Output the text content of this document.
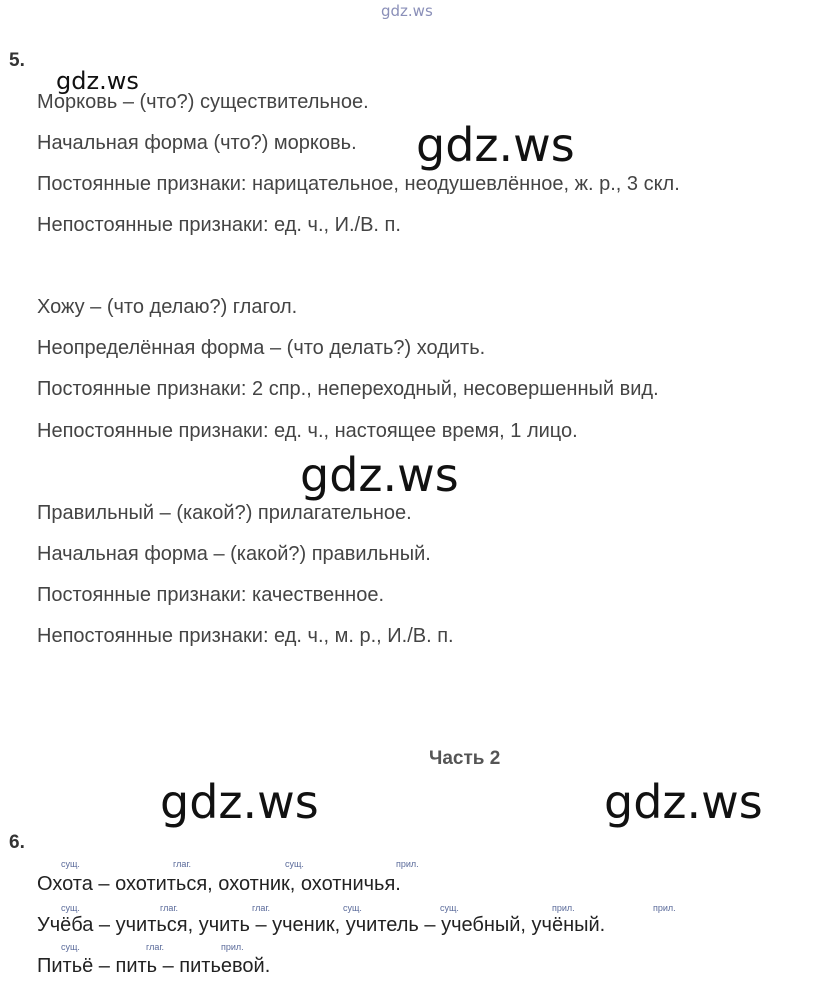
gdz.ws
gdz.ws
gdz.ws
gdz.ws
gdz.ws	gdz.ws
5.
Морковь – (что?) существительное.
Начальная форма (что?) морковь.
Постоянные признаки: нарицательное, неодушевлённое, ж. р., 3 скл.
Непостоянные признаки: ед. ч., И./В. п.
Хожу – (что делаю?) глагол.
Неопределённая форма – (что делать?) ходить.
Постоянные признаки: 2 спр., непереходный, несовершенный вид.
Непостоянные признаки: ед. ч., настоящее время, 1 лицо.
Правильный – (какой?) прилагательное.
Начальная форма – (какой?) правильный.
Постоянные признаки: качественное.
Непостоянные признаки: ед. ч., м. р., И./В. п.
Часть 2
6.
сущ.	глаг.	сущ.	прил.
Охота – охотиться, охотник, охотничья.
сущ.	глаг.	глаг.	сущ.	сущ.	прил.	прил.
Учёба – учиться, учить – ученик, учитель – учебный, учёный.
сущ.	глаг.	прил.
Питьё – пить – питьевой.
